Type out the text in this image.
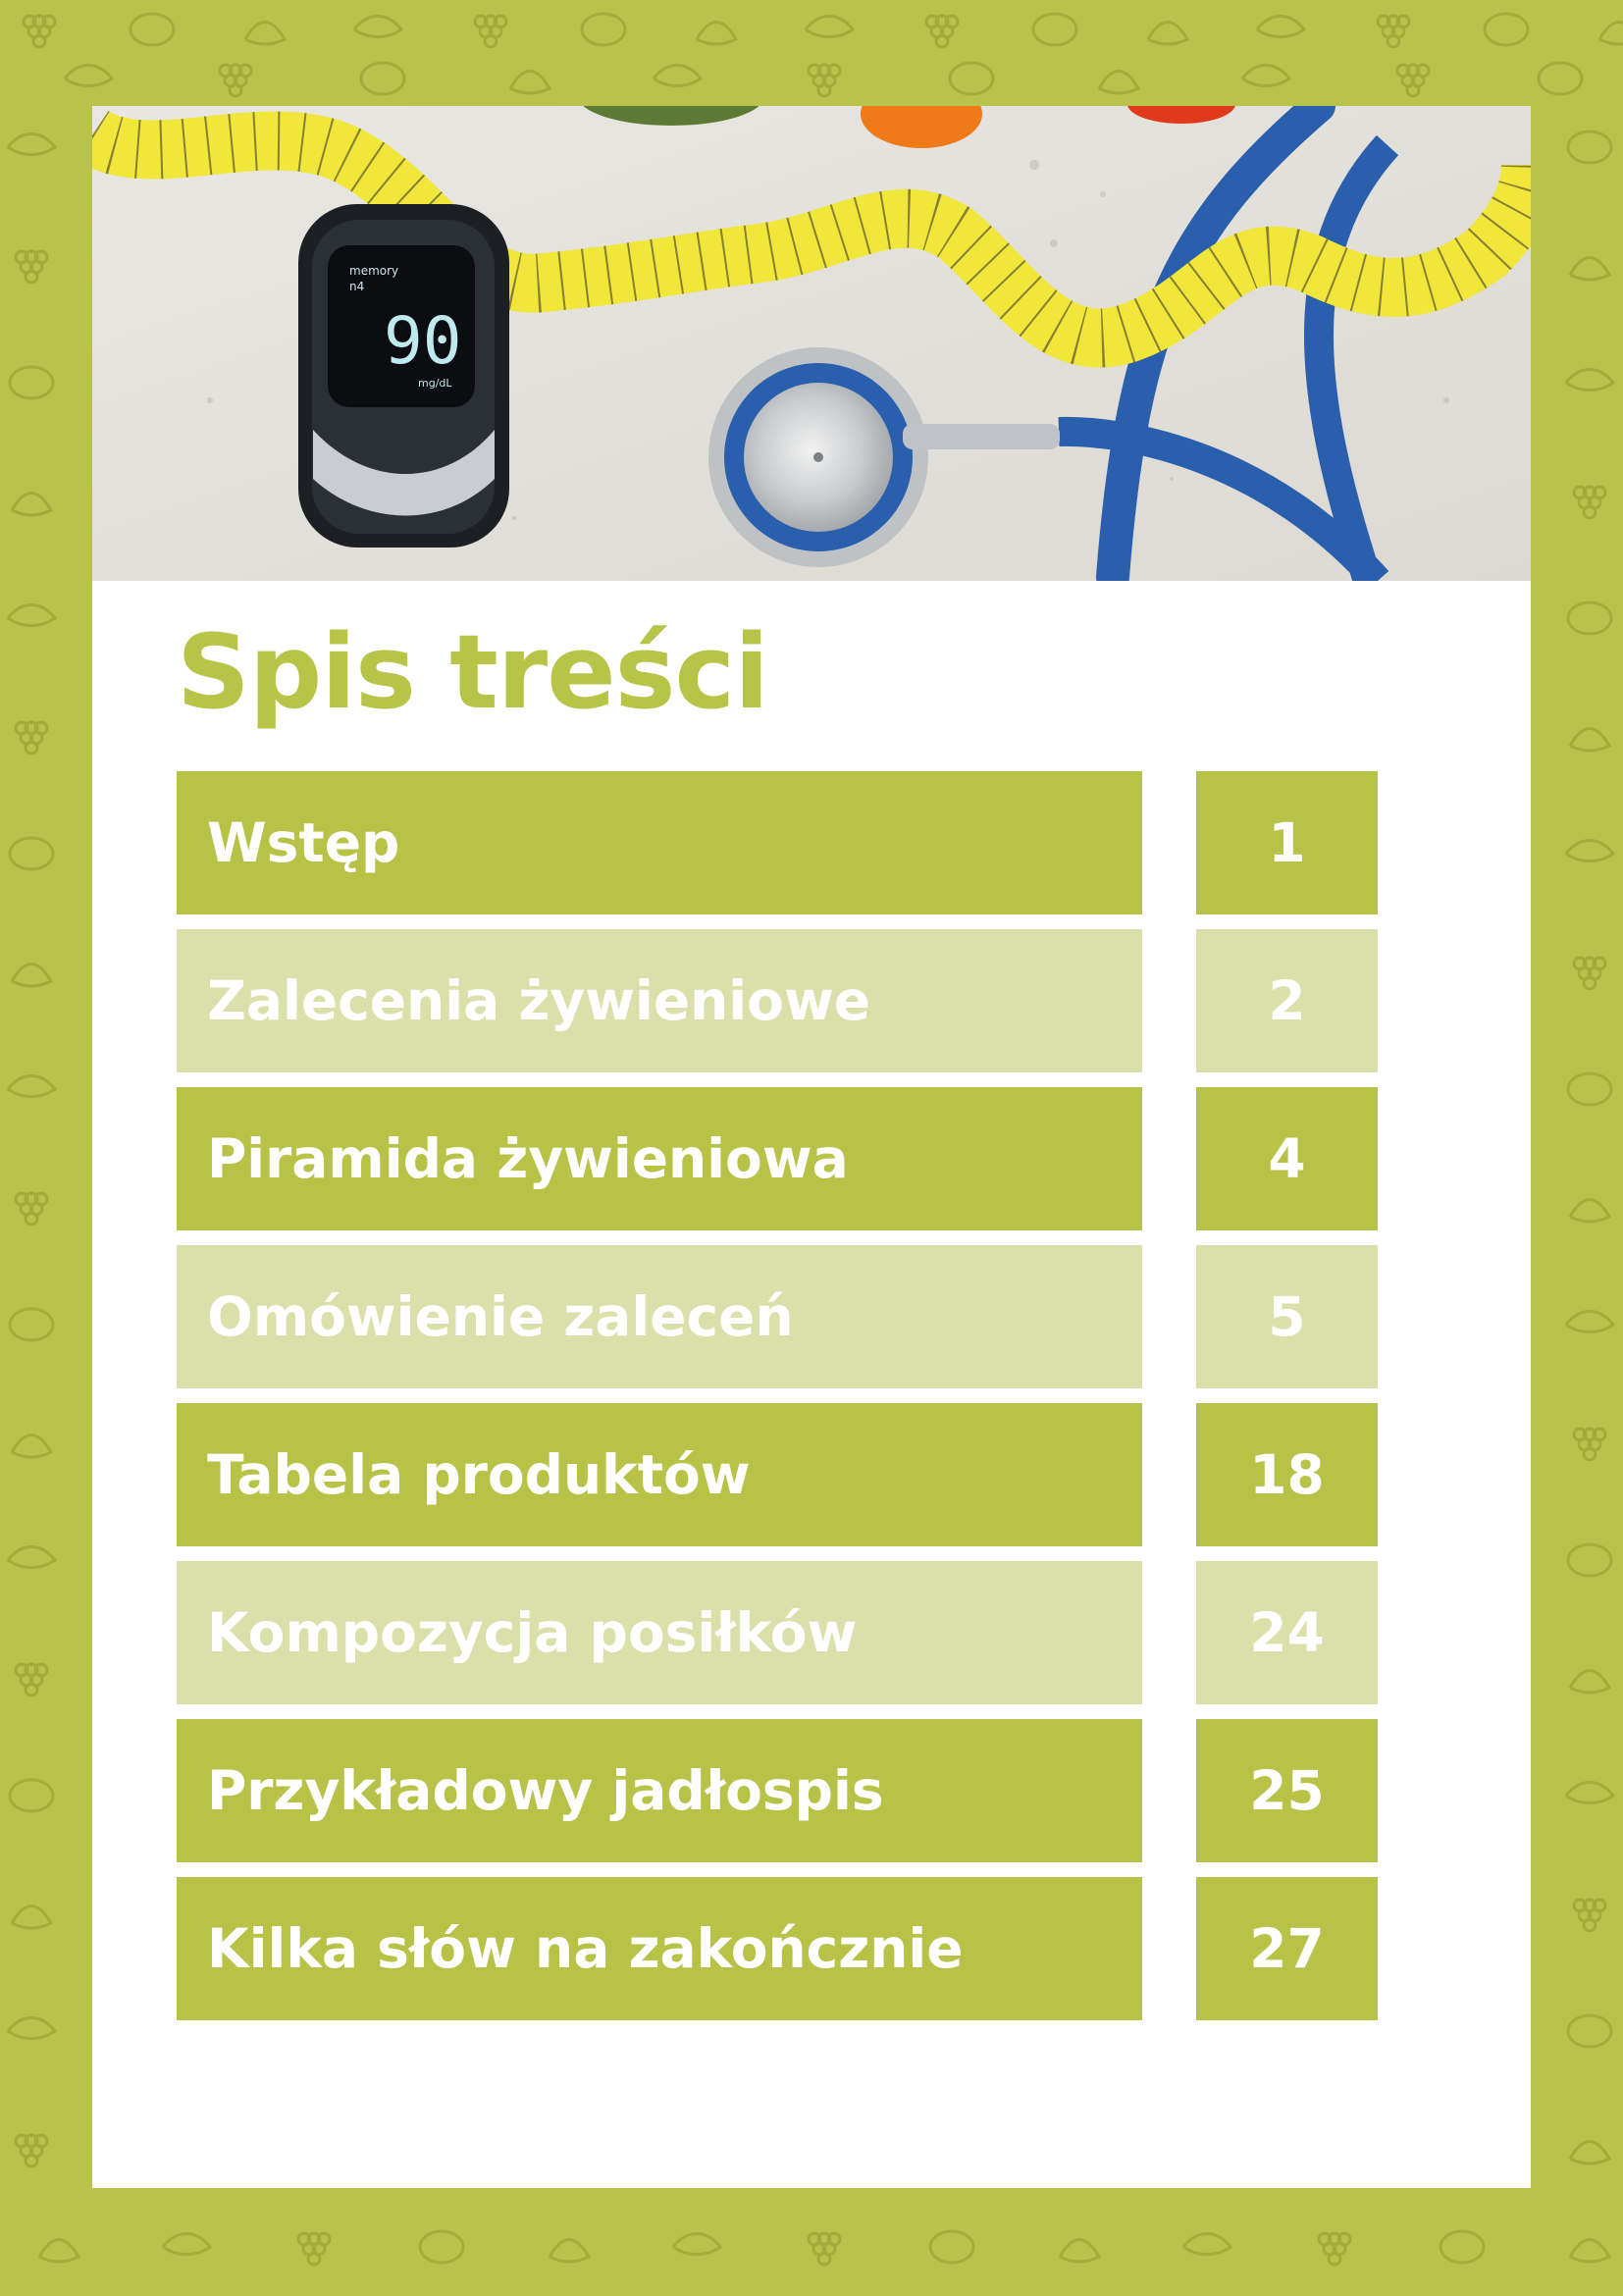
memory
n4
90
mg/dL
Spis treści
Wstęp	1
Zalecenia żywieniowe	2
Piramida żywieniowa	4
Omówienie zaleceń	5
Tabela produktów	18
Kompozycja posiłków	24
Przykładowy jadłospis	25
Kilka słów na zakończnie	27
